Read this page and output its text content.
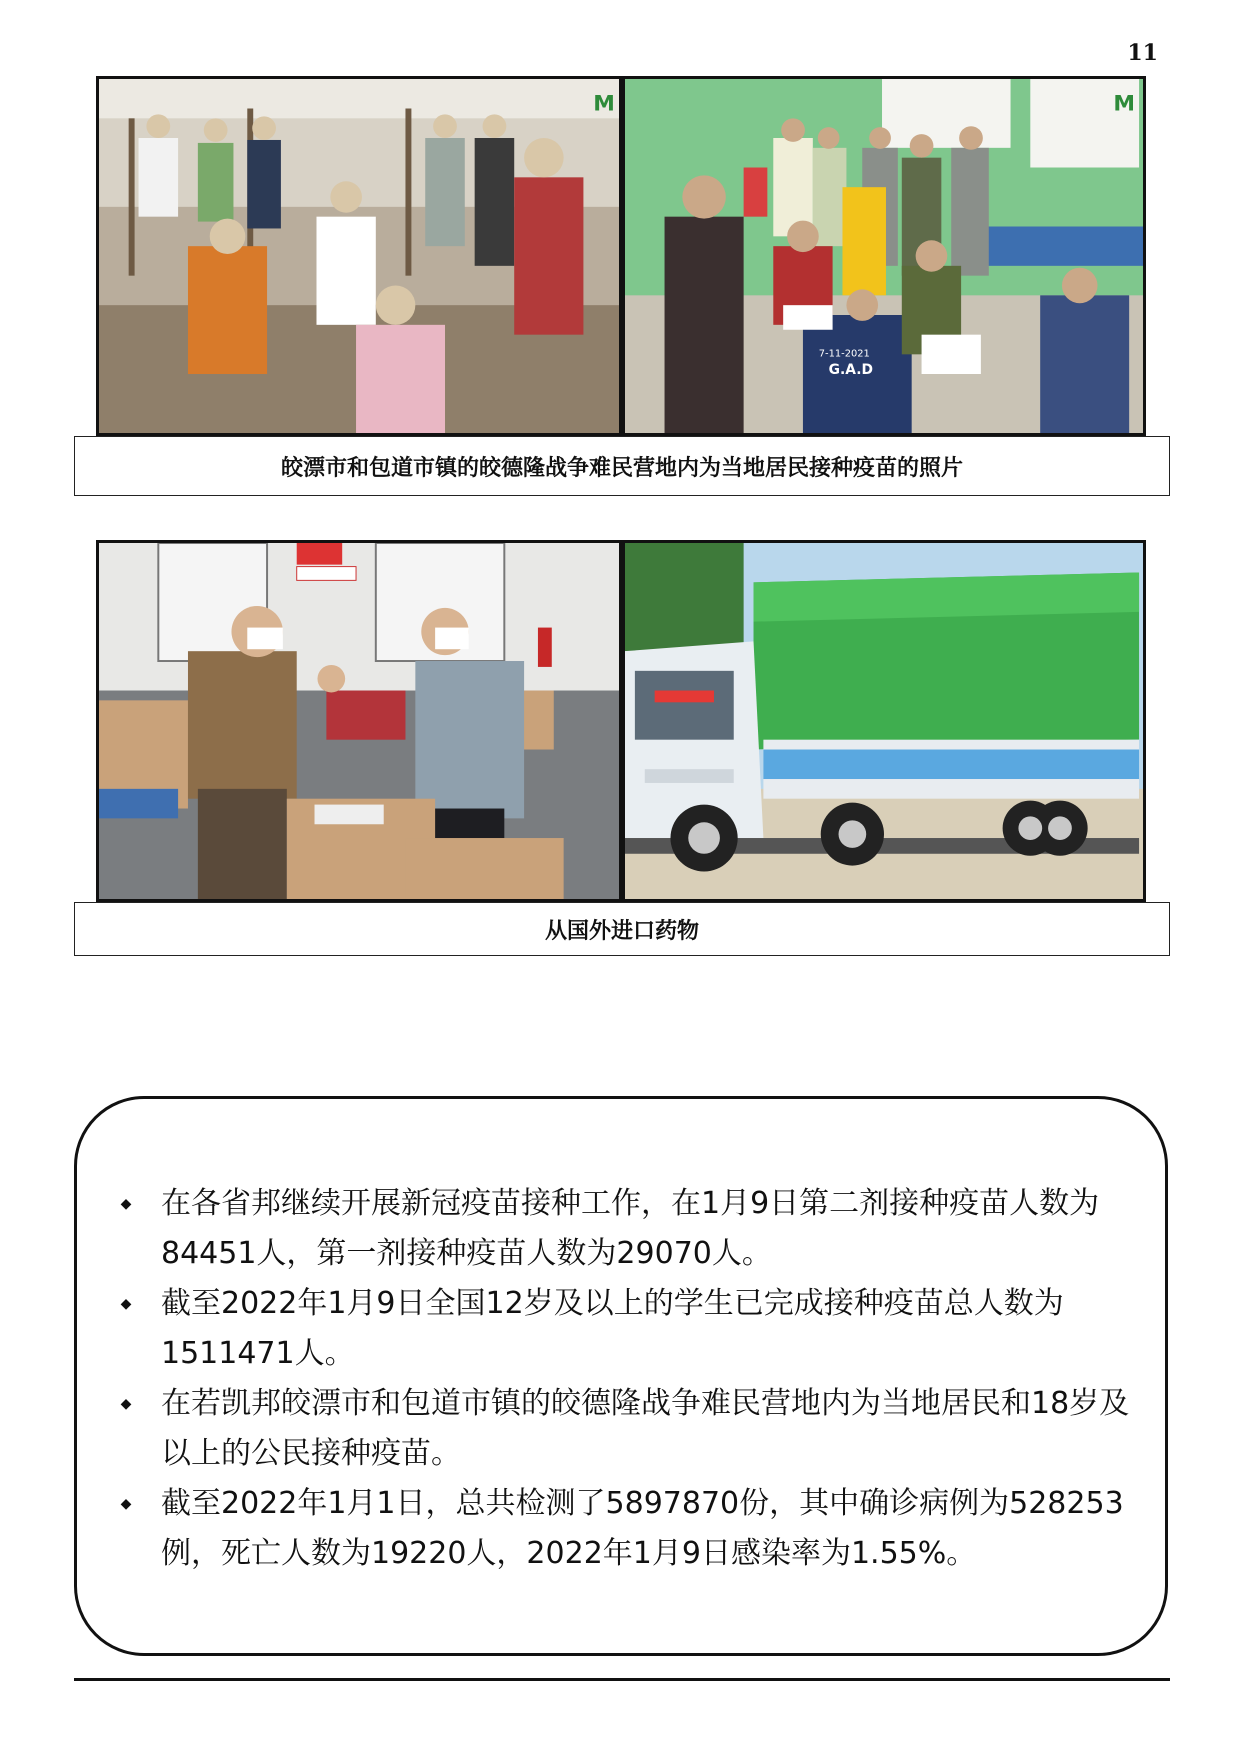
11
M
G.A.D
7-11-2021
M
皎漂市和包道市镇的皎德隆战争难民营地内为当地居民接种疫苗的照片
从国外进口药物
◆ 在各省邦继续开展新冠疫苗接种工作，在1月9日第二剂接种疫苗人数为84451人，第一剂接种疫苗人数为29070人。
◆ 截至2022年1月9日全国12岁及以上的学生已完成接种疫苗总人数为1511471人。
◆ 在若凯邦皎漂市和包道市镇的皎德隆战争难民营地内为当地居民和18岁及以上的公民接种疫苗。
◆ 截至2022年1月1日，总共检测了5897870份，其中确诊病例为528253例，死亡人数为19220人，2022年1月9日感染率为1.55%。
